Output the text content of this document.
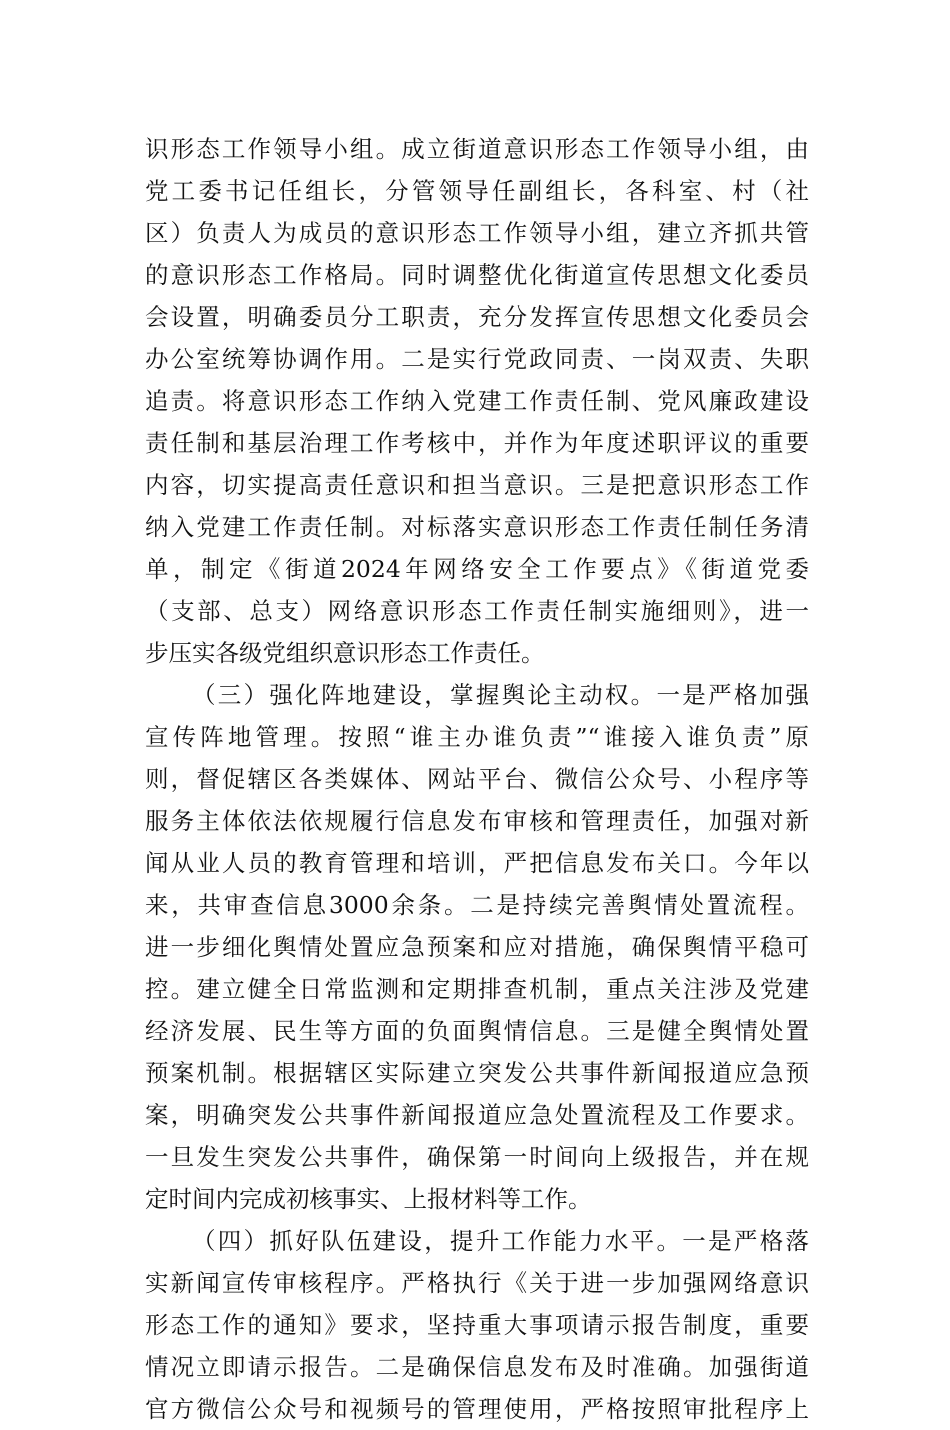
识形态工作领导小组。成立街道意识形态工作领导小组，由
党工委书记任组长，分管领导任副组长，各科室、村（社
区）负责人为成员的意识形态工作领导小组，建立齐抓共管
的意识形态工作格局。同时调整优化街道宣传思想文化委员
会设置，明确委员分工职责，充分发挥宣传思想文化委员会
办公室统筹协调作用。二是实行党政同责、一岗双责、失职
追责。将意识形态工作纳入党建工作责任制、党风廉政建设
责任制和基层治理工作考核中，并作为年度述职评议的重要
内容，切实提高责任意识和担当意识。三是把意识形态工作
纳入党建工作责任制。对标落实意识形态工作责任制任务清
单，制定《街道2024年网络安全工作要点》《街道党委
（支部、总支）网络意识形态工作责任制实施细则》，进一
步压实各级党组织意识形态工作责任。
（三）强化阵地建设，掌握舆论主动权。一是严格加强
宣传阵地管理。按照“谁主办谁负责”“谁接入谁负责”原
则，督促辖区各类媒体、网站平台、微信公众号、小程序等
服务主体依法依规履行信息发布审核和管理责任，加强对新
闻从业人员的教育管理和培训，严把信息发布关口。今年以
来，共审查信息3000余条。二是持续完善舆情处置流程。
进一步细化舆情处置应急预案和应对措施，确保舆情平稳可
控。建立健全日常监测和定期排查机制，重点关注涉及党建
经济发展、民生等方面的负面舆情信息。三是健全舆情处置
预案机制。根据辖区实际建立突发公共事件新闻报道应急预
案，明确突发公共事件新闻报道应急处置流程及工作要求。
一旦发生突发公共事件，确保第一时间向上级报告，并在规
定时间内完成初核事实、上报材料等工作。
（四）抓好队伍建设，提升工作能力水平。一是严格落
实新闻宣传审核程序。严格执行《关于进一步加强网络意识
形态工作的通知》要求，坚持重大事项请示报告制度，重要
情况立即请示报告。二是确保信息发布及时准确。加强街道
官方微信公众号和视频号的管理使用，严格按照审批程序上
